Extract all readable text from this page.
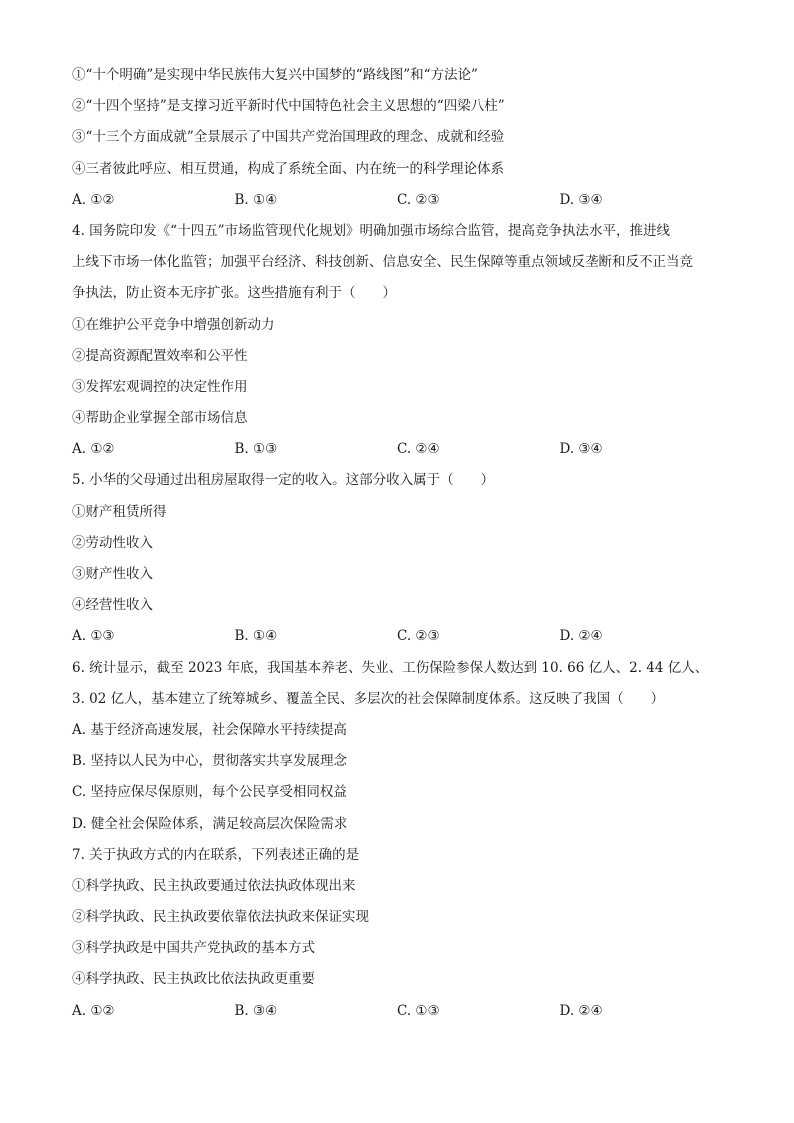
①“十个明确”是实现中华民族伟大复兴中国梦的“路线图”和“方法论”
②“十四个坚持”是支撑习近平新时代中国特色社会主义思想的“四梁八柱”
③“十三个方面成就”全景展示了中国共产党治国理政的理念、成就和经验
④三者彼此呼应、相互贯通，构成了系统全面、内在统一的科学理论体系
A. ①②	B. ①④	C. ②③	D. ③④
4. 国务院印发《“十四五”市场监管现代化规划》明确加强市场综合监管，提高竞争执法水平，推进线
上线下市场一体化监管；加强平台经济、科技创新、信息安全、民生保障等重点领域反垄断和反不正当竞
争执法，防止资本无序扩张。这些措施有利于（　　）
①在维护公平竞争中增强创新动力
②提高资源配置效率和公平性
③发挥宏观调控的决定性作用
④帮助企业掌握全部市场信息
A. ①②	B. ①③	C. ②④	D. ③④
5. 小华的父母通过出租房屋取得一定的收入。这部分收入属于（　　）
①财产租赁所得
②劳动性收入
③财产性收入
④经营性收入
A. ①③	B. ①④	C. ②③	D. ②④
6. 统计显示，截至 2023 年底，我国基本养老、失业、工伤保险参保人数达到 10. 66 亿人、2. 44 亿人、
3. 02 亿人，基本建立了统筹城乡、覆盖全民、多层次的社会保障制度体系。这反映了我国（　　）
A. 基于经济高速发展，社会保障水平持续提高
B. 坚持以人民为中心，贯彻落实共享发展理念
C. 坚持应保尽保原则，每个公民享受相同权益
D. 健全社会保险体系，满足较高层次保险需求
7. 关于执政方式的内在联系，下列表述正确的是
①科学执政、民主执政要通过依法执政体现出来
②科学执政、民主执政要依靠依法执政来保证实现
③科学执政是中国共产党执政的基本方式
④科学执政、民主执政比依法执政更重要
A. ①②	B. ③④	C. ①③	D. ②④
